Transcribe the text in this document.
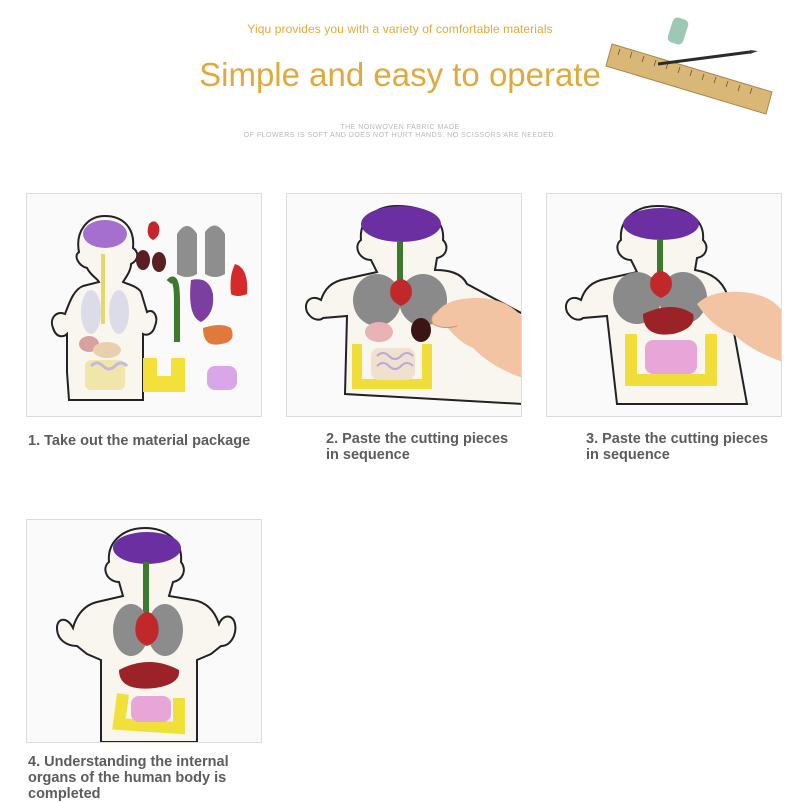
Yiqu provides you with a variety of comfortable materials
Simple and easy to operate
THE NONWOVEN FABRIC MADE
OF FLOWERS IS SOFT AND DOES NOT HURT HANDS. NO SCISSORS ARE NEEDED.
1. Take out the material package	2. Paste the cutting pieces in sequence
3. Paste the cutting pieces in sequence
4. Understanding the internal organs of the human body is completed
